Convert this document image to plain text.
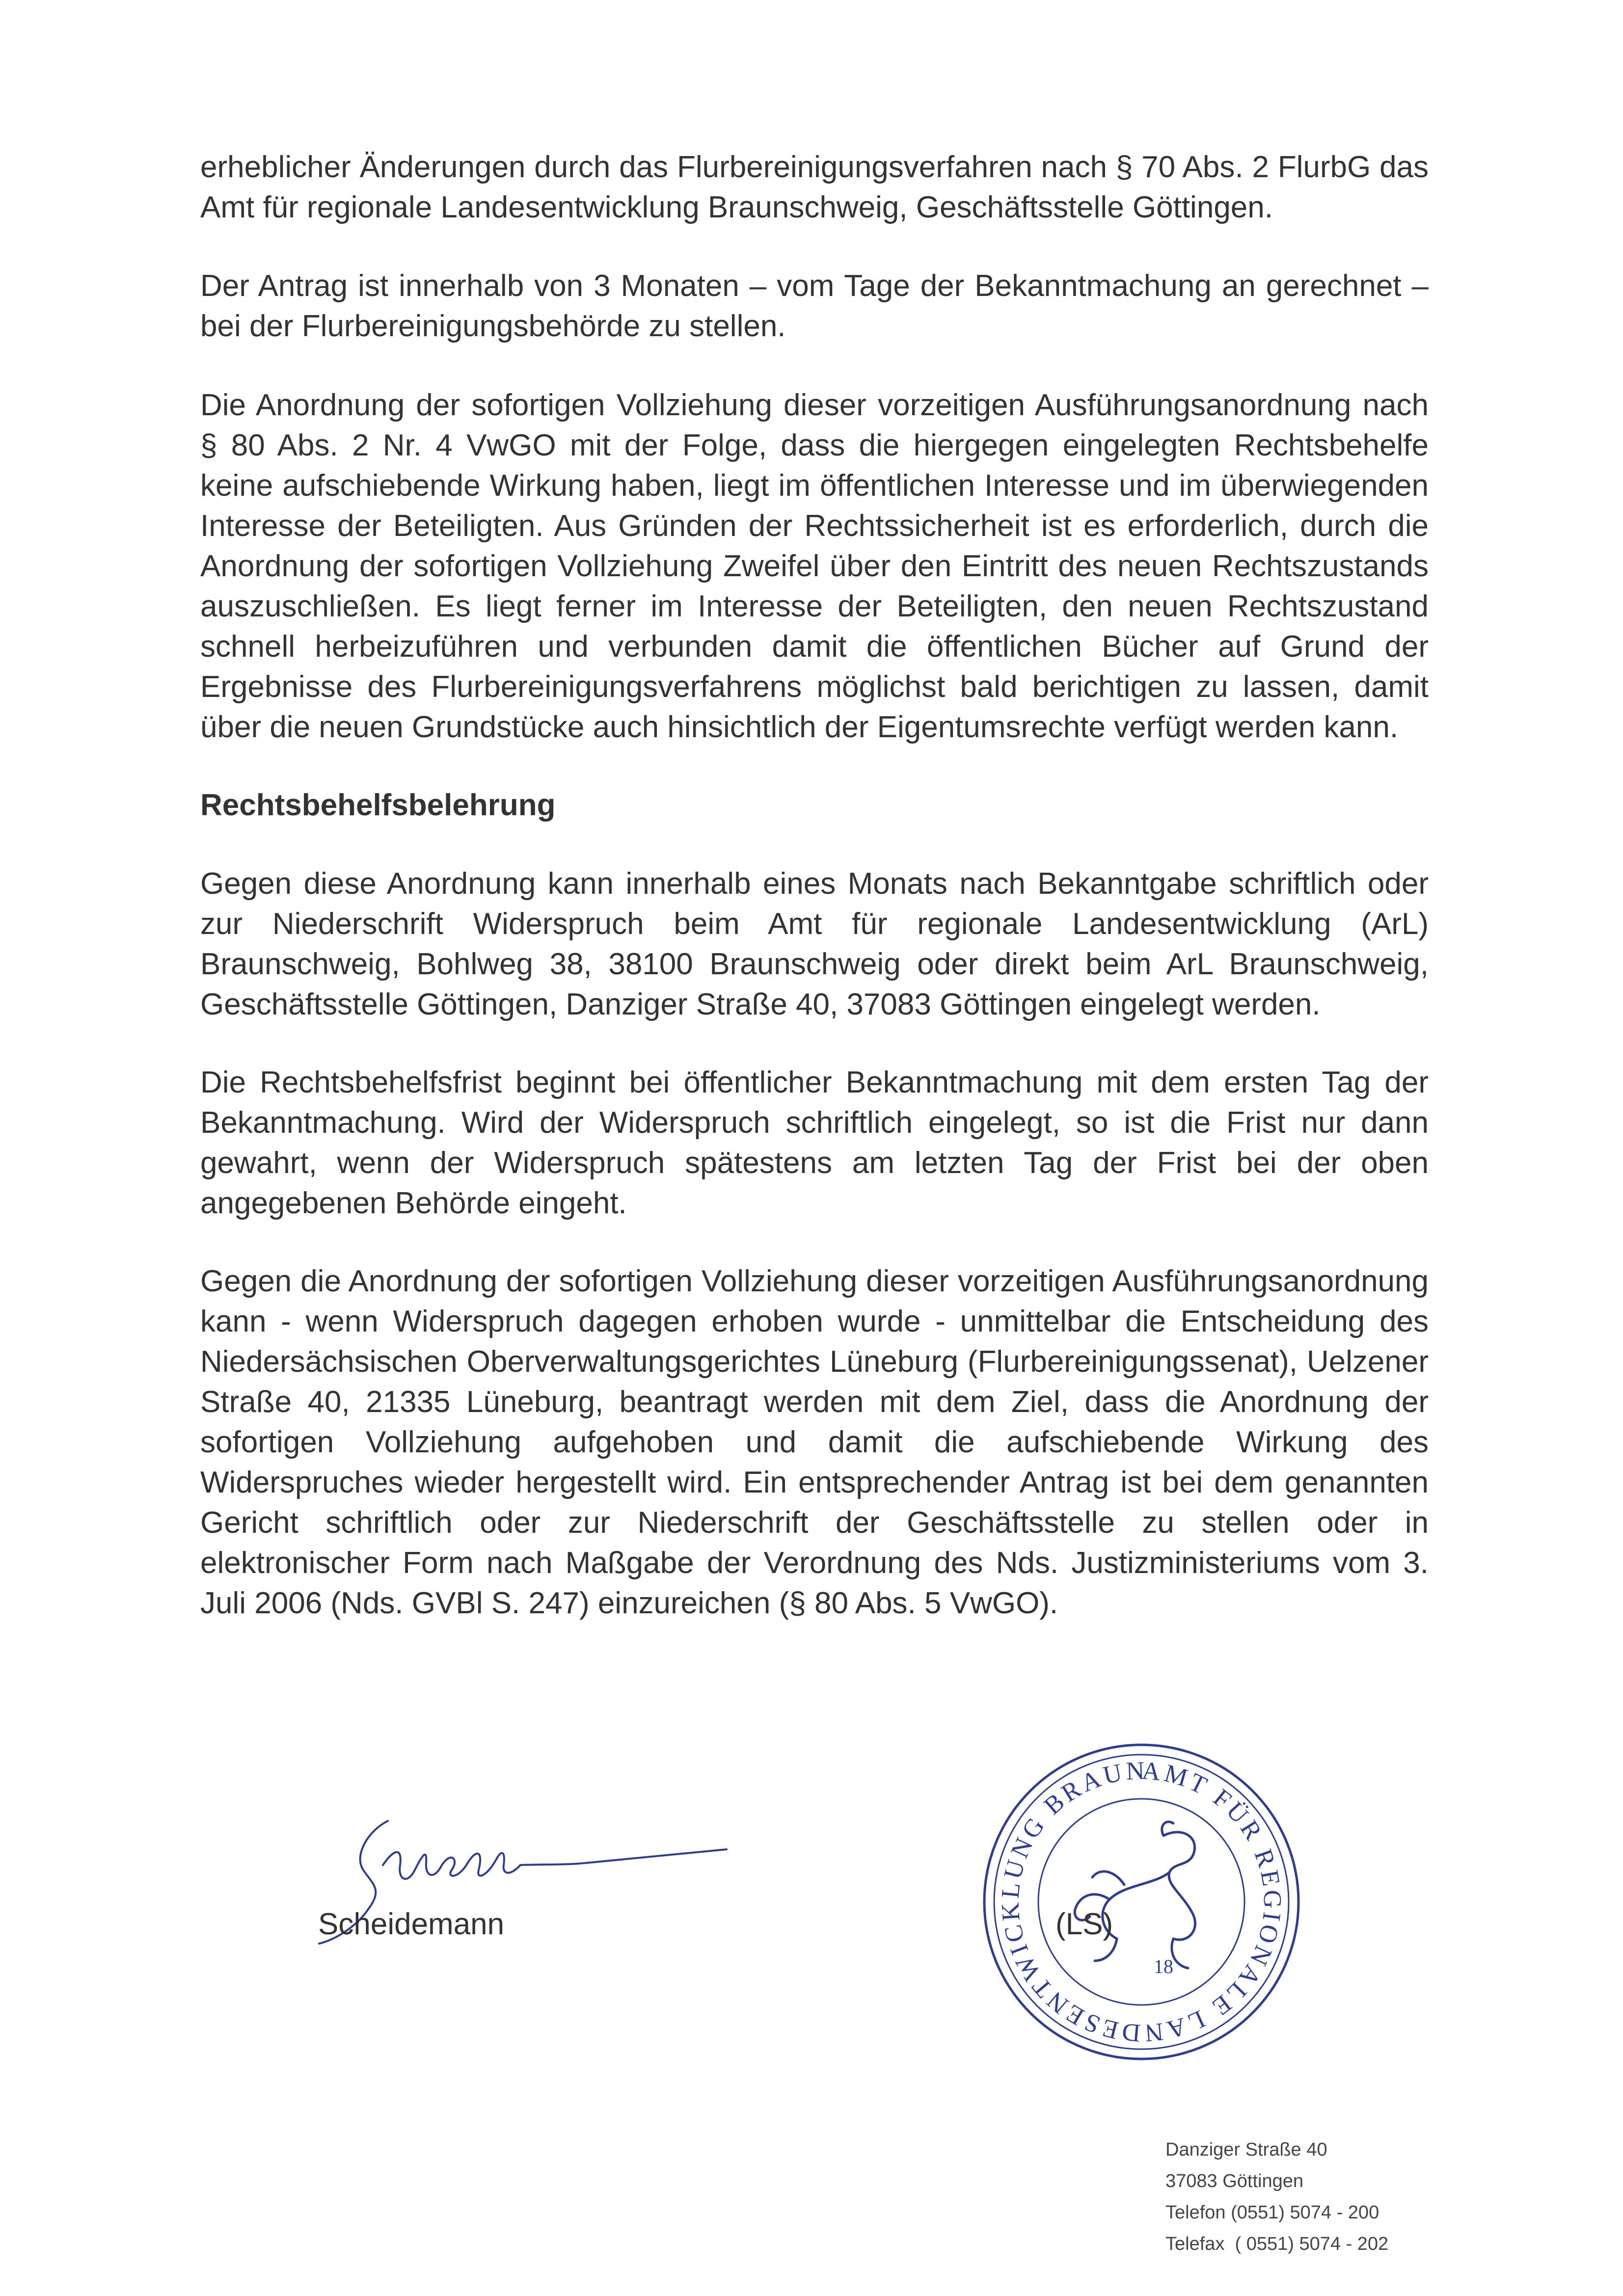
erheblicher Änderungen durch das Flurbereinigungsverfahren nach § 70 Abs. 2 FlurbG das Amt für regionale Landesentwicklung Braunschweig, Geschäftsstelle Göttingen.

Der Antrag ist innerhalb von 3 Monaten – vom Tage der Bekanntmachung an gerechnet – bei der Flurbereinigungsbehörde zu stellen.

Die Anordnung der sofortigen Vollziehung dieser vorzeitigen Ausführungsanordnung nach § 80 Abs. 2 Nr. 4 VwGO mit der Folge, dass die hiergegen eingelegten Rechtsbehelfe keine aufschiebende Wirkung haben, liegt im öffentlichen Interesse und im überwiegenden Interesse der Beteiligten. Aus Gründen der Rechtssicherheit ist es erforderlich, durch die Anordnung der sofortigen Vollziehung Zweifel über den Eintritt des neuen Rechtszustands auszuschließen. Es liegt ferner im Interesse der Beteiligten, den neuen Rechtszustand schnell herbeizuführen und verbunden damit die öffentlichen Bücher auf Grund der Ergebnisse des Flurbereinigungsverfahrens möglichst bald berichtigen zu lassen, damit über die neuen Grundstücke auch hinsichtlich der Eigentumsrechte verfügt werden kann.

Rechtsbehelfsbelehrung

Gegen diese Anordnung kann innerhalb eines Monats nach Bekanntgabe schriftlich oder zur Niederschrift Widerspruch beim Amt für regionale Landesentwicklung (ArL) Braunschweig, Bohlweg 38, 38100 Braunschweig oder direkt beim ArL Braunschweig, Geschäftsstelle Göttingen, Danziger Straße 40, 37083 Göttingen eingelegt werden.

Die Rechtsbehelfsfrist beginnt bei öffentlicher Bekanntmachung mit dem ersten Tag der Bekanntmachung. Wird der Widerspruch schriftlich eingelegt, so ist die Frist nur dann gewahrt, wenn der Widerspruch spätestens am letzten Tag der Frist bei der oben angegebenen Behörde eingeht.

Gegen die Anordnung der sofortigen Vollziehung dieser vorzeitigen Ausführungsanordnung kann - wenn Widerspruch dagegen erhoben wurde - unmittelbar die Entscheidung des Niedersächsischen Oberverwaltungsgerichtes Lüneburg (Flurbereinigungssenat), Uelzener Straße 40, 21335 Lüneburg, beantragt werden mit dem Ziel, dass die Anordnung der sofortigen Vollziehung aufgehoben und damit die aufschiebende Wirkung des Widerspruches wieder hergestellt wird. Ein entsprechender Antrag ist bei dem genannten Gericht schriftlich oder zur Niederschrift der Geschäftsstelle zu stellen oder in elektronischer Form nach Maßgabe der Verordnung des Nds. Justizministeriums vom 3. Juli 2006 (Nds. GVBl S. 247) einzureichen (§ 80 Abs. 5 VwGO).

Scheidemann
AMT FÜR REGIONALE LANDESENTWICKLUNG BRAUN
18
(LS)
Danziger Straße 40
37083 Göttingen
Telefon (0551) 5074 - 200
Telefax  ( 0551) 5074 - 202
